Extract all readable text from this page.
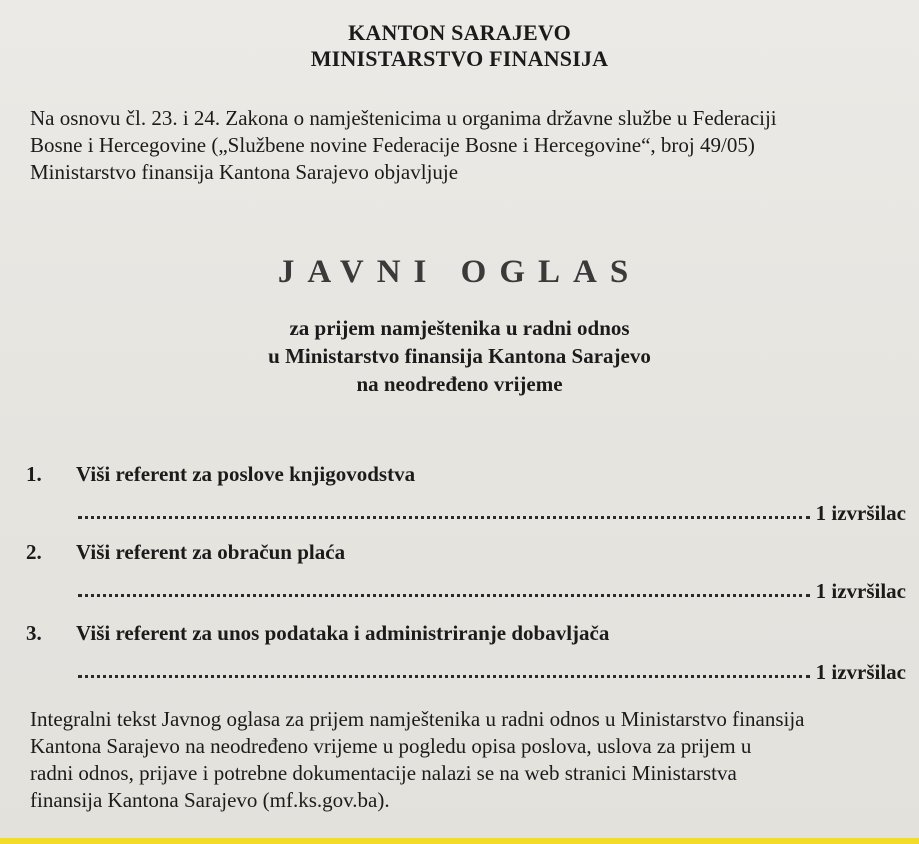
KANTON SARAJEVO
MINISTARSTVO FINANSIJA
Na osnovu čl. 23. i 24. Zakona o namještenicima u organima državne službe u Federaciji
Bosne i Hercegovine („Službene novine Federacije Bosne i Hercegovine“, broj 49/05)
Ministarstvo finansija Kantona Sarajevo objavljuje
JAVNI OGLAS
za prijem namještenika u radni odnos
u Ministarstvo finansija Kantona Sarajevo
na neodređeno vrijeme
1. Viši referent za poslove knjigovodstva
1 izvršilac
2. Viši referent za obračun plaća
1 izvršilac
3. Viši referent za unos podataka i administriranje dobavljača
1 izvršilac
Integralni tekst Javnog oglasa za prijem namještenika u radni odnos u Ministarstvo finansija
Kantona Sarajevo na neodređeno vrijeme u pogledu opisa poslova, uslova za prijem u
radni odnos, prijave i potrebne dokumentacije nalazi se na web stranici Ministarstva
finansija Kantona Sarajevo (mf.ks.gov.ba).
